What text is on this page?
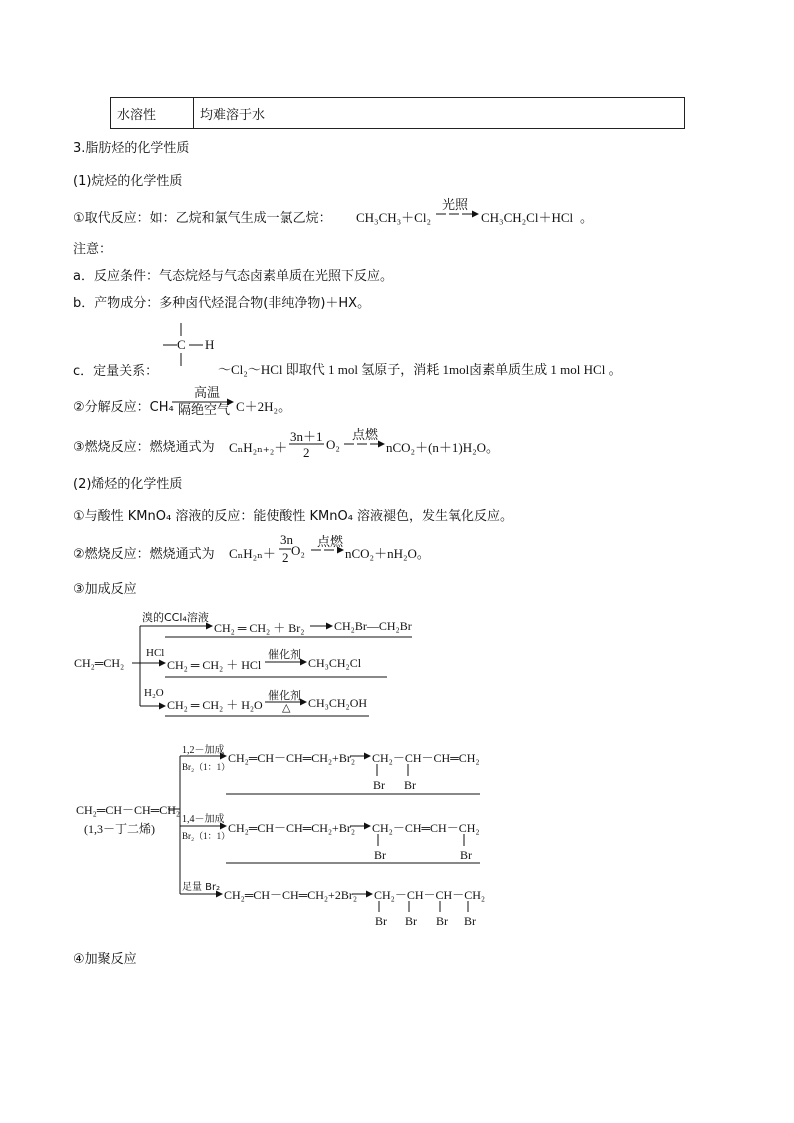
水溶性	均难溶于水
3.脂肪烃的化学性质
(1)烷烃的化学性质
①取代反应：如：乙烷和氯气生成一氯乙烷： CH₃CH₃＋Cl₂
光照
CH₃CH₂Cl＋HCl 。
注意：
a．反应条件：气态烷烃与气态卤素单质在光照下反应。
b．产物成分：多种卤代烃混合物(非纯净物)＋HX。
c．定量关系：
C H
～Cl₂～HCl 即取代 1 mol 氢原子，消耗 1mol卤素单质生成 1 mol HCl 。
②分解反应：CH₄
高温
隔绝空气 C＋2H₂。
③燃烧反应：燃烧通式为 CₙH₂ₙ₊₂＋
3n＋1
2
O₂
点燃
nCO₂＋(n＋1)H₂O。
(2)烯烃的化学性质
①与酸性 KMnO₄ 溶液的反应：能使酸性 KMnO₄ 溶液褪色，发生氧化反应。
②燃烧反应：燃烧通式为 CₙH₂ₙ＋
3n
2 O₂
点燃
nCO₂＋nH₂O。
③加成反应
CH₂═CH₂
溴的CCl₄溶液
CH₂ ═ CH₂ ＋ Br₂ CH₂Br—CH₂Br
HCl
CH₂ ═ CH₂ ＋ HCl
催化剂
CH₃CH₂Cl
H₂O
CH₂ ═ CH₂ ＋ H₂O
催化剂
△ CH₃CH₂OH
CH₂═CH－CH═CH₂
(1,3－丁二烯)
1,2－加成
Br₂（1：1）
CH₂═CH－CH═CH₂+Br₂ CH₂－CH－CH═CH₂
Br Br
1,4－加成
Br₂（1：1）
CH₂═CH－CH═CH₂+Br₂ CH₂－CH═CH－CH₂
Br	Br
足量 Br₂
CH₂═CH－CH═CH₂+2Br₂ CH₂－CH－CH－CH₂
Br Br Br Br
④加聚反应
